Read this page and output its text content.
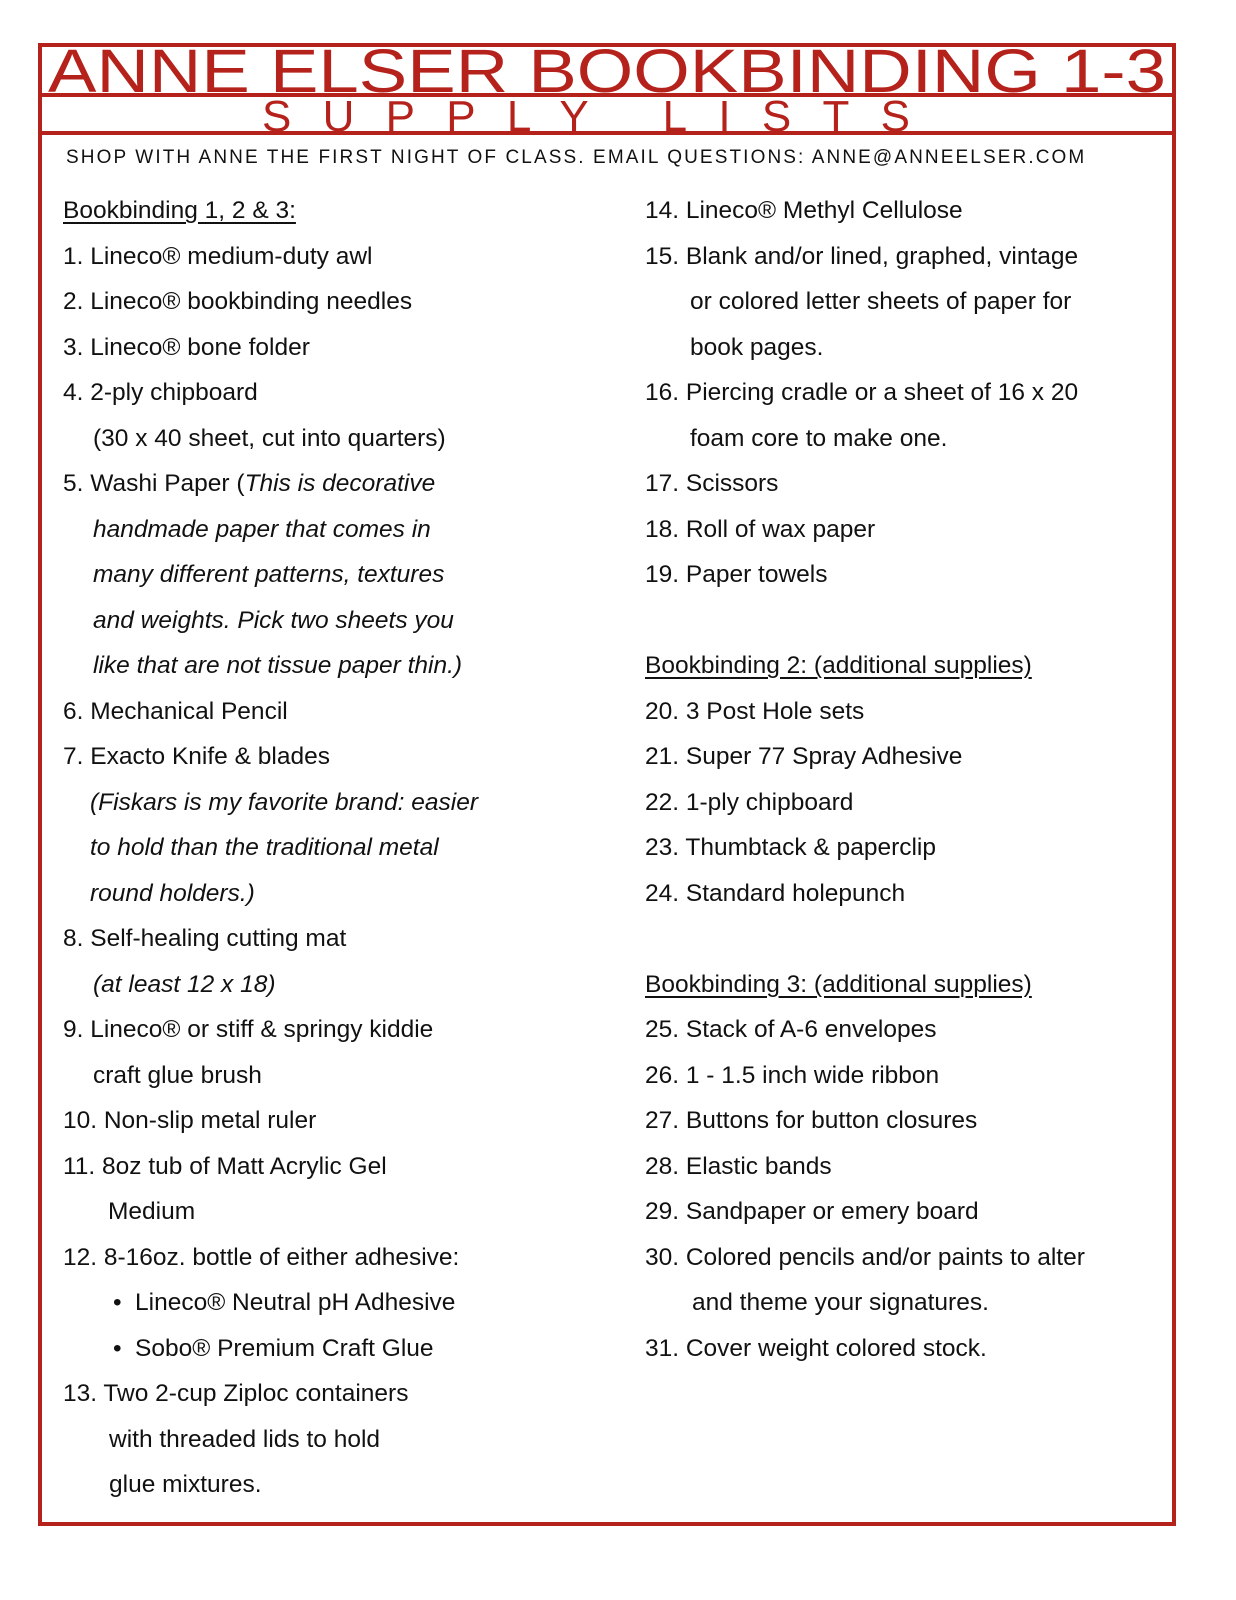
ANNE ELSER BOOKBINDING 1-3
SUPPLY LISTS
SHOP WITH ANNE THE FIRST NIGHT OF CLASS. EMAIL QUESTIONS: ANNE@ANNEELSER.COM
Bookbinding 1, 2 & 3:
1. Lineco® medium-duty awl
2. Lineco® bookbinding needles
3. Lineco® bone folder
4. 2-ply chipboard
(30 x 40 sheet, cut into quarters)
5. Washi Paper (This is decorative
handmade paper that comes in
many different patterns, textures
and weights. Pick two sheets you
like that are not tissue paper thin.)
6. Mechanical Pencil
7. Exacto Knife & blades
(Fiskars is my favorite brand: easier
to hold than the traditional metal
round holders.)
8. Self-healing cutting mat
(at least 12 x 18)
9. Lineco® or stiff & springy kiddie
craft glue brush
10. Non-slip metal ruler
11. 8oz tub of Matt Acrylic Gel
Medium
12. 8-16oz. bottle of either adhesive:
• Lineco® Neutral pH Adhesive
• Sobo® Premium Craft Glue
13. Two 2-cup Ziploc containers
with threaded lids to hold
glue mixtures.
14. Lineco® Methyl Cellulose
15. Blank and/or lined, graphed, vintage
or colored letter sheets of paper for
book pages.
16. Piercing cradle or a sheet of 16 x 20
foam core to make one.
17. Scissors
18. Roll of wax paper
19. Paper towels
Bookbinding 2: (additional supplies)
20. 3 Post Hole sets
21. Super 77 Spray Adhesive
22. 1-ply chipboard
23. Thumbtack & paperclip
24. Standard holepunch
Bookbinding 3: (additional supplies)
25. Stack of A-6 envelopes
26. 1 - 1.5 inch wide ribbon
27. Buttons for button closures
28. Elastic bands
29. Sandpaper or emery board
30. Colored pencils and/or paints to alter
and theme your signatures.
31. Cover weight colored stock.
